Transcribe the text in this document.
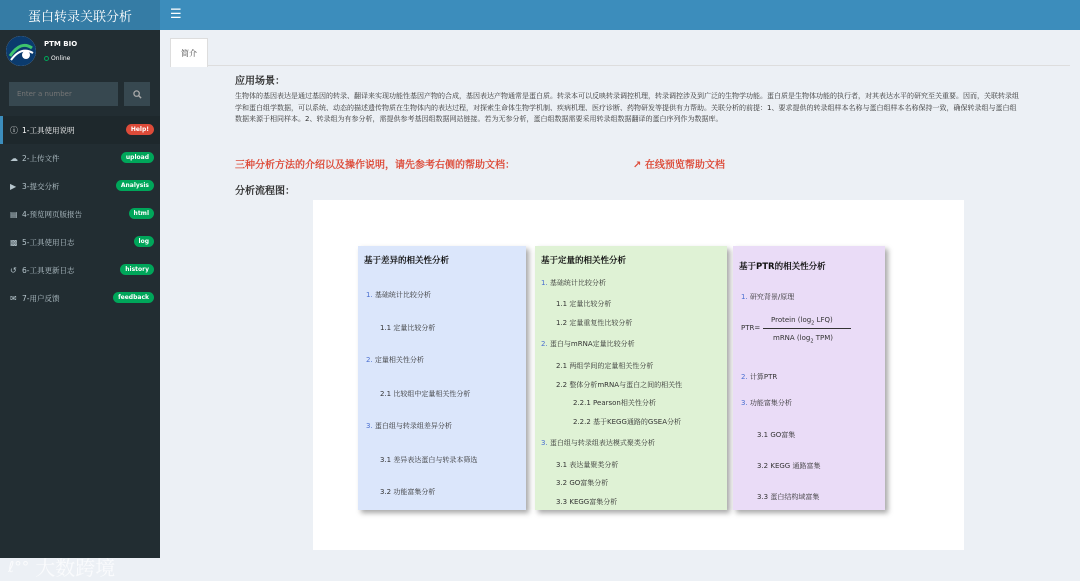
蛋白转录关联分析	☰
PTM BIO
Online
Enter a number
ⓘ 1-工具使用说明	Help!
☁ 2-上传文件	upload
▶ 3-提交分析	Analysis
▤ 4-预览网页版报告	html
▩ 5-工具使用日志	log
↺ 6-工具更新日志	history
✉ 7-用户反馈	feedback
ℓ°° 大数跨境
简介
应用场景：
生物体的基因表达是通过基因的转录、翻译来实现功能性基因产物的合成，基因表达产物通常是蛋白质。转录本可以反映转录调控机理，转录调控涉及到广泛的生物学功能。蛋白质是生物体功能的执行者，对其表达水平的研究至关重要。因而，关联转录组学和蛋白组学数据，可以系统、动态的描述遗传物质在生物体内的表达过程，对探索生命体生物学机制、疾病机理、医疗诊断、药物研发等提供有力帮助。关联分析的前提：1、要求提供的转录组样本名称与蛋白组样本名称保持一致，确保转录组与蛋白组数据来源于相同样本。2、转录组为有参分析，需提供参考基因组数据网站链接。若为无参分析，蛋白组数据需要采用转录组数据翻译的蛋白序列作为数据库。
三种分析方法的介绍以及操作说明，请先参考右侧的帮助文档：	↗ 在线预览帮助文档
分析流程图：
基于差异的相关性分析
1. 基础统计比较分析
1.1 定量比较分析
2. 定量相关性分析
2.1 比较组中定量相关性分析
3. 蛋白组与转录组差异分析
3.1 差异表达蛋白与转录本筛选
3.2 功能富集分析
基于定量的相关性分析
1. 基础统计比较分析
1.1 定量比较分析
1.2 定量重复性比较分析
2. 蛋白与mRNA定量比较分析
2.1 两组学间的定量相关性分析
2.2 整体分析mRNA与蛋白之间的相关性
2.2.1 Pearson相关性分析
2.2.2 基于KEGG通路的GSEA分析
3. 蛋白组与转录组表达模式聚类分析
3.1 表达量聚类分析
3.2 GO富集分析
3.3 KEGG富集分析
基于PTR的相关性分析
1. 研究背景/原理
PTR=
Protein ($\log_2$ LFQ)
mRNA ($\log_2$ TPM)
2. 计算PTR
3. 功能富集分析
3.1 GO富集
3.2 KEGG 通路富集
3.3 蛋白结构域富集
